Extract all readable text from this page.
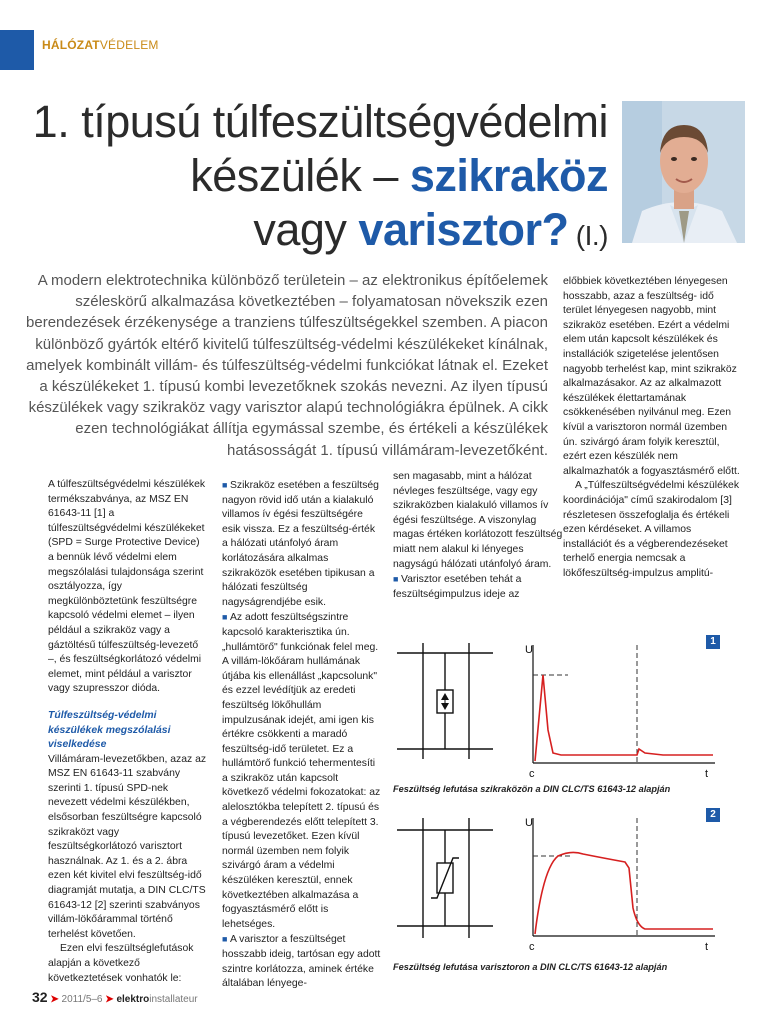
HÁLÓZATVÉDELEM
1. típusú túlfeszültségvédelmi
készülék – szikraköz
vagy varisztor? (I.)

A modern elektrotechnika különböző területein – az elektronikus építőelemek széleskörű alkalmazása következtében – folyamatosan növekszik ezen berendezések érzékenysége a tranziens túlfeszültségekkel szemben. A piacon különböző gyártók eltérő kivitelű túlfeszültség-védelmi készülékeket kínálnak, amelyek kombinált villám- és túlfeszültség-védelmi funkciókat látnak el. Ezeket a készülékeket 1. típusú kombi levezetőknek szokás nevezni. Az ilyen típusú készülékek vagy szikraköz vagy varisztor alapú technológiákra épülnek. A cikk ezen technológiákat állítja egymással szembe, és értékeli a készülékek hatásosságát 1. típusú villámáram-levezetőként.

A túlfeszültségvédelmi készülékek termékszabványa, az MSZ EN 61643-11 [1] a túlfeszültségvédelmi készülékeket (SPD = Surge Protective Device) a bennük lévő védelmi elem megszólalási tulajdonsága szerint osztályozza, így megkülönböztetünk feszültségre kapcsoló védelmi elemet – ilyen például a szikraköz vagy a gáztöltésű túlfeszültség-levezető –, és feszültségkorlátozó védelmi elemet, mint például a varisztor vagy szupresszor dióda.

Túlfeszültség-védelmi készülékek megszólalási viselkedése

Villámáram-levezetőkben, azaz az MSZ EN 61643-11 szabvány szerinti 1. típusú SPD-nek nevezett védelmi készülékben, elsősorban feszültségre kapcsoló szikraközt vagy feszültségkorlátozó varisztort használnak. Az 1. és a 2. ábra ezen két kivitel elvi feszültség-idő diagramját mutatja, a DIN CLC/TS 61643-12 [2] szerinti szabványos villám-lökőárammal történő terhelést követően.

Ezen elvi feszültséglefutások alapján a következő következtetések vonhatók le:

■ Szikraköz esetében a feszültség nagyon rövid idő után a kialakuló villamos ív égési feszültségére esik vissza. Ez a feszültség-érték a hálózati utánfolyó áram korlátozására alkalmas szikraközök esetében tipikusan a hálózati feszültség nagyságrendjébe esik.

■ Az adott feszültségszintre kapcsoló karakterisztika ún. „hullámtörő" funkciónak felel meg. A villám-lökőáram hullámának útjába kis ellenállást „kapcsolunk" és ezzel levédítjük az eredeti feszültség lökőhullám impulzusának idejét, ami igen kis értékre csökkenti a maradó feszültség-idő területet. Ez a hullámtörő funkció tehermentesíti a szikraköz után kapcsolt következő védelmi fokozatokat: az alelosztókba telepített 2. típusú és a végberendezés előtt telepített 3. típusú levezetőket. Ezen kívül normál üzemben nem folyik szivárgó áram a védelmi készüléken keresztül, ennek következtében alkalmazása a fogyasztásmérő előtt is lehetséges.

■ A varisztor a feszültséget hosszabb ideig, tartósan egy adott szintre korlátozza, aminek értéke általában lényege-

sen magasabb, mint a hálózat névleges feszültsége, vagy egy szikraközben kialakuló villamos ív égési feszültsége. A viszonylag magas értéken korlátozott feszültség miatt nem alakul ki lényeges nagyságú hálózati utánfolyó áram.

■ Varisztor esetében tehát a feszültségimpulzus ideje az

előbbiek következtében lényegesen hosszabb, azaz a feszültség- idő terület lényegesen nagyobb, mint szikraköz esetében. Ezért a védelmi elem után kapcsolt készülékek és installációk szigetelése jelentősen nagyobb terhelést kap, mint szikraköz alkalmazásakor. Az az alkalmazott készülékek élettartamának csökkenésében nyilvánul meg. Ezen kívül a varisztoron normál üzemben ún. szivárgó áram folyik keresztül, ezért ezen készülék nem alkalmazhatók a fogyasztásmérő előtt.

A „Túlfeszültségvédelmi készülékek koordinációja" című szakirodalom [3] részletesen összefoglalja és értékeli ezen kérdéseket. A villamos installációt és a végberendezéseket terhelő energia nemcsak a lökőfeszültség-impulzus amplitú-

1
U
c	t
Feszültség lefutása szikraközön a DIN CLC/TS 61643-12 alapján
2
U
c	t
Feszültség lefutása varisztoron a DIN CLC/TS 61643-12 alapján
32 ➤ 2011/5–6 ➤ elektroinstallateur
